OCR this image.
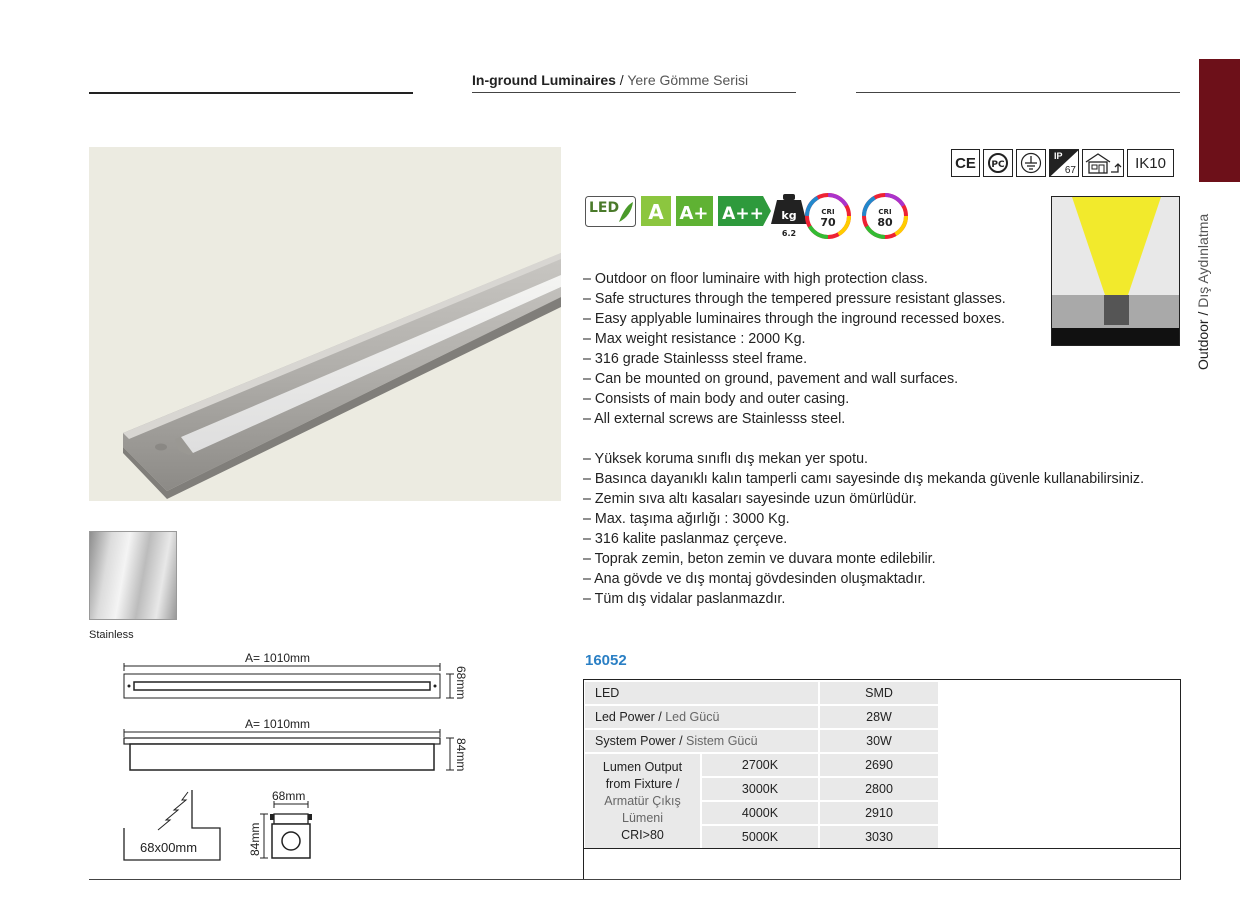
In-ground Luminaires / Yere Gömme Serisi
Outdoor / Dış Aydınlatma
CE PC
IP
67	IK10
LED A A+ A++ kg
6.2
CRI
70
CRI
80
– Outdoor on floor luminaire with high protection class.
– Safe structures through the tempered pressure resistant glasses.
– Easy applyable luminaires through the inground recessed boxes.
– Max weight resistance : 2000 Kg.
– 316 grade Stainlesss steel frame.
– Can be mounted on ground, pavement and wall surfaces.
– Consists of main body and outer casing.
– All external screws are Stainlesss steel.
– Yüksek koruma sınıflı dış mekan yer spotu.
– Basınca dayanıklı kalın tamperli camı sayesinde dış mekanda güvenle kullanabilirsiniz.
– Zemin sıva altı kasaları sayesinde uzun ömürlüdür.
– Max. taşıma ağırlığı : 3000 Kg.
– 316 kalite paslanmaz çerçeve.
– Toprak zemin, beton zemin ve duvara monte edilebilir.
– Ana gövde ve dış montaj gövdesinden oluşmaktadır.
– Tüm dış vidalar paslanmazdır.
Stainless
A= 1010mm
68mm
A= 1010mm
84mm
68x00mm
68mm
84mm
16052
LED		SMD
Led Power / Led Gücü		28W
System Power / Sistem Gücü		30W

Lumen Output
from Fixture /
Armatür Çıkış
Lümeni
CRI>80	2700K	2690
	3000K	2800
	4000K	2910
	5000K	3030
